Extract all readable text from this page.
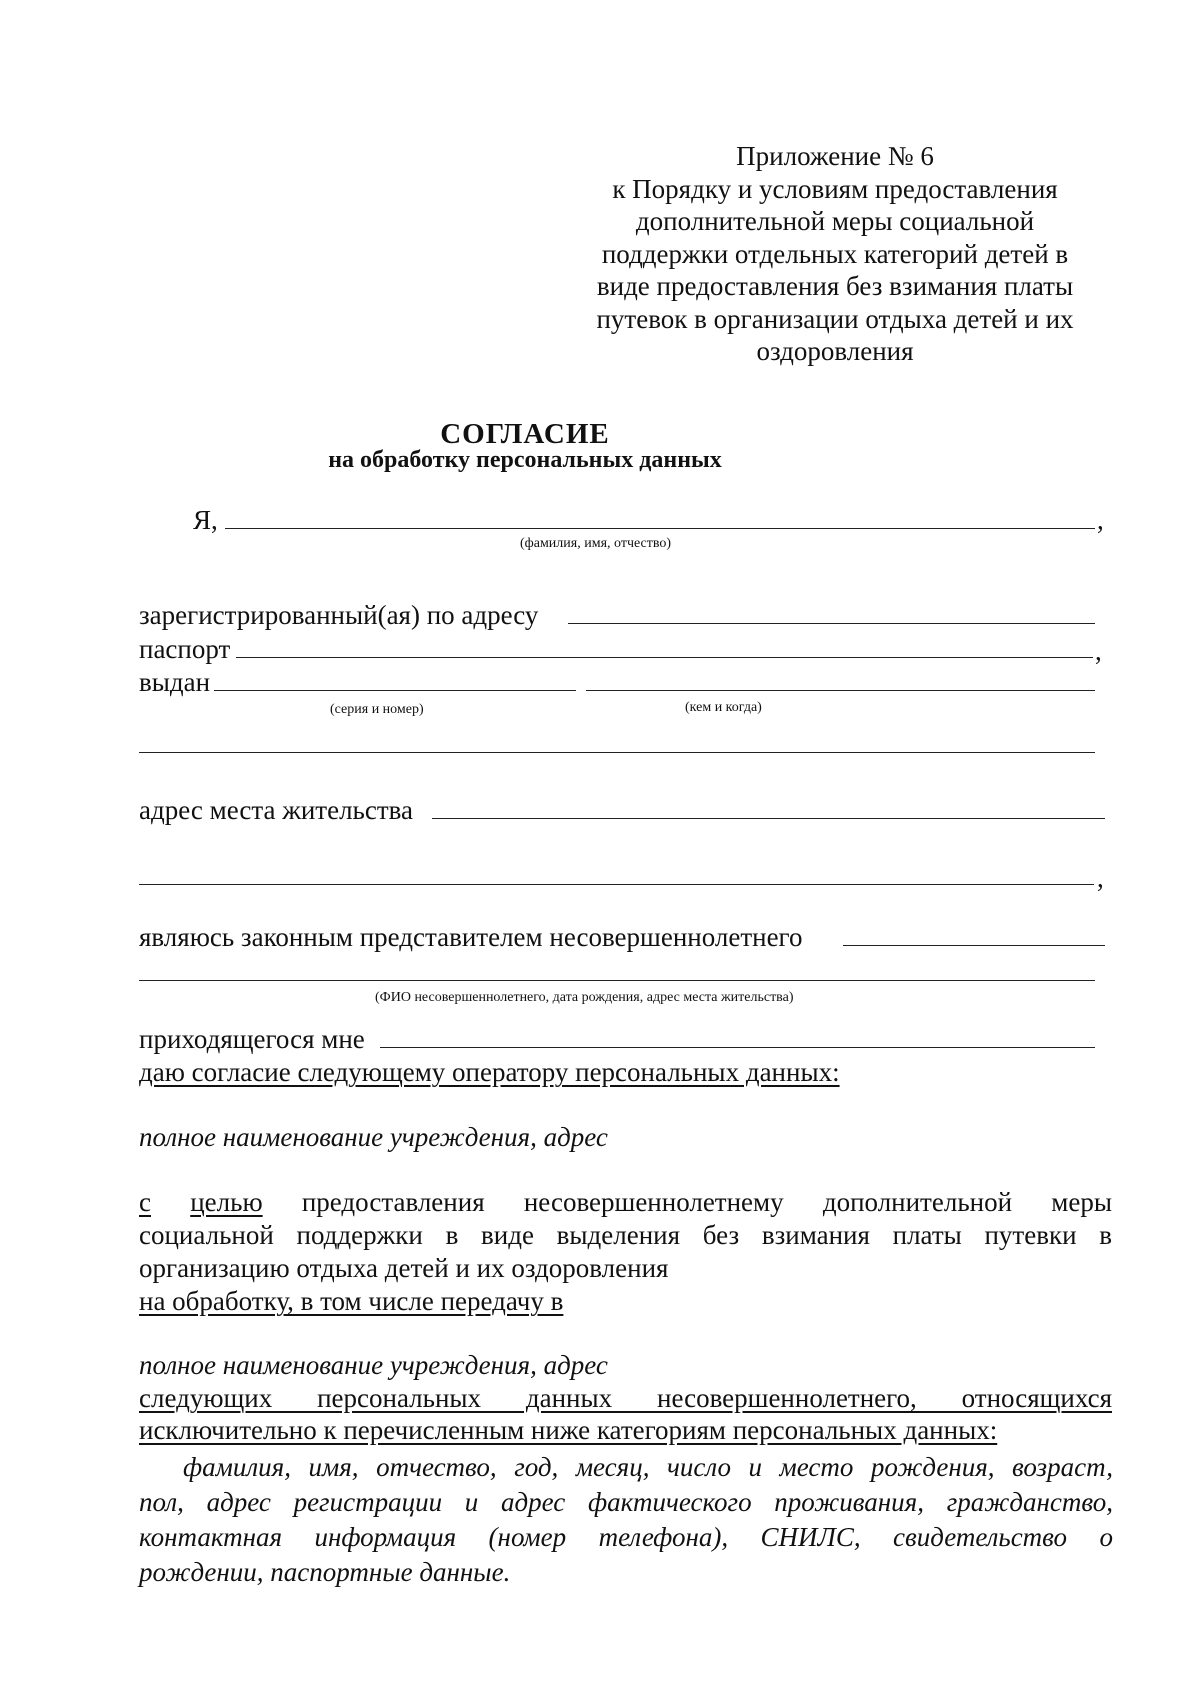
Приложение № 6
к Порядку и условиям предоставления
дополнительной меры социальной
поддержки отдельных категорий детей в
виде предоставления без взимания платы
путевок в организации отдыха детей и их
оздоровления
СОГЛАСИЕ
на обработку персональных данных
Я,	,
(фамилия, имя, отчество)
зарегистрированный(ая) по адресу
паспорт	,
выдан
(серия и номер)	(кем и когда)
адрес места жительства
,
являюсь законным представителем несовершеннолетнего
(ФИО несовершеннолетнего, дата рождения, адрес места жительства)
приходящегося мне
даю согласие следующему оператору персональных данных:
полное наименование учреждения, адрес
с целью предоставления несовершеннолетнему дополнительной меры
социальной поддержки в виде выделения без взимания платы путевки в
организацию отдыха детей и их оздоровления
на обработку, в том числе передачу в
полное наименование учреждения, адрес
следующих персональных данных несовершеннолетнего, относящихся
исключительно к перечисленным ниже категориям персональных данных:
фамилия, имя, отчество, год, месяц, число и место рождения, возраст,
пол, адрес регистрации и адрес фактического проживания, гражданство,
контактная информация (номер телефона), СНИЛС, свидетельство о
рождении, паспортные данные.
